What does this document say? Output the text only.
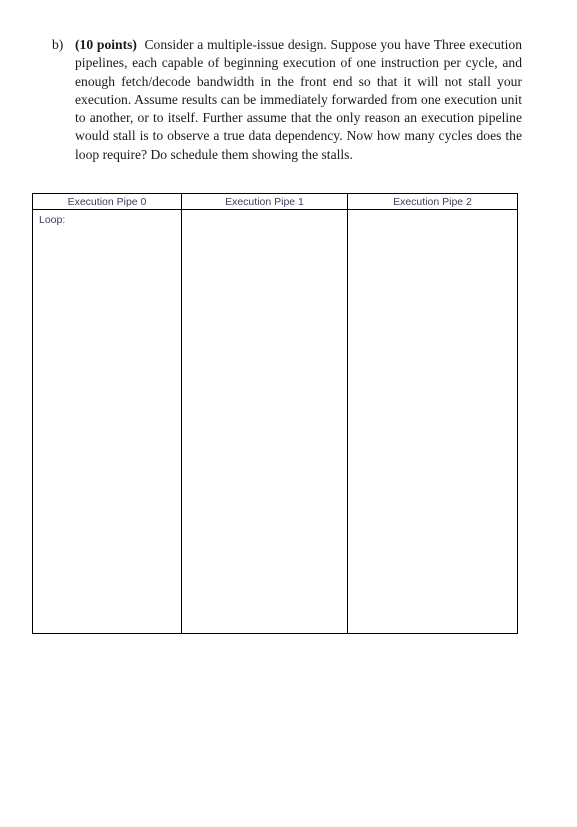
b) (10 points) Consider a multiple-issue design. Suppose you have Three execution pipelines, each capable of beginning execution of one instruction per cycle, and enough fetch/decode bandwidth in the front end so that it will not stall your execution. Assume results can be immediately forwarded from one execution unit to another, or to itself. Further assume that the only reason an execution pipeline would stall is to observe a true data dependency. Now how many cycles does the loop require? Do schedule them showing the stalls.
Execution Pipe 0	Execution Pipe 1	Execution Pipe 2

Loop:		
